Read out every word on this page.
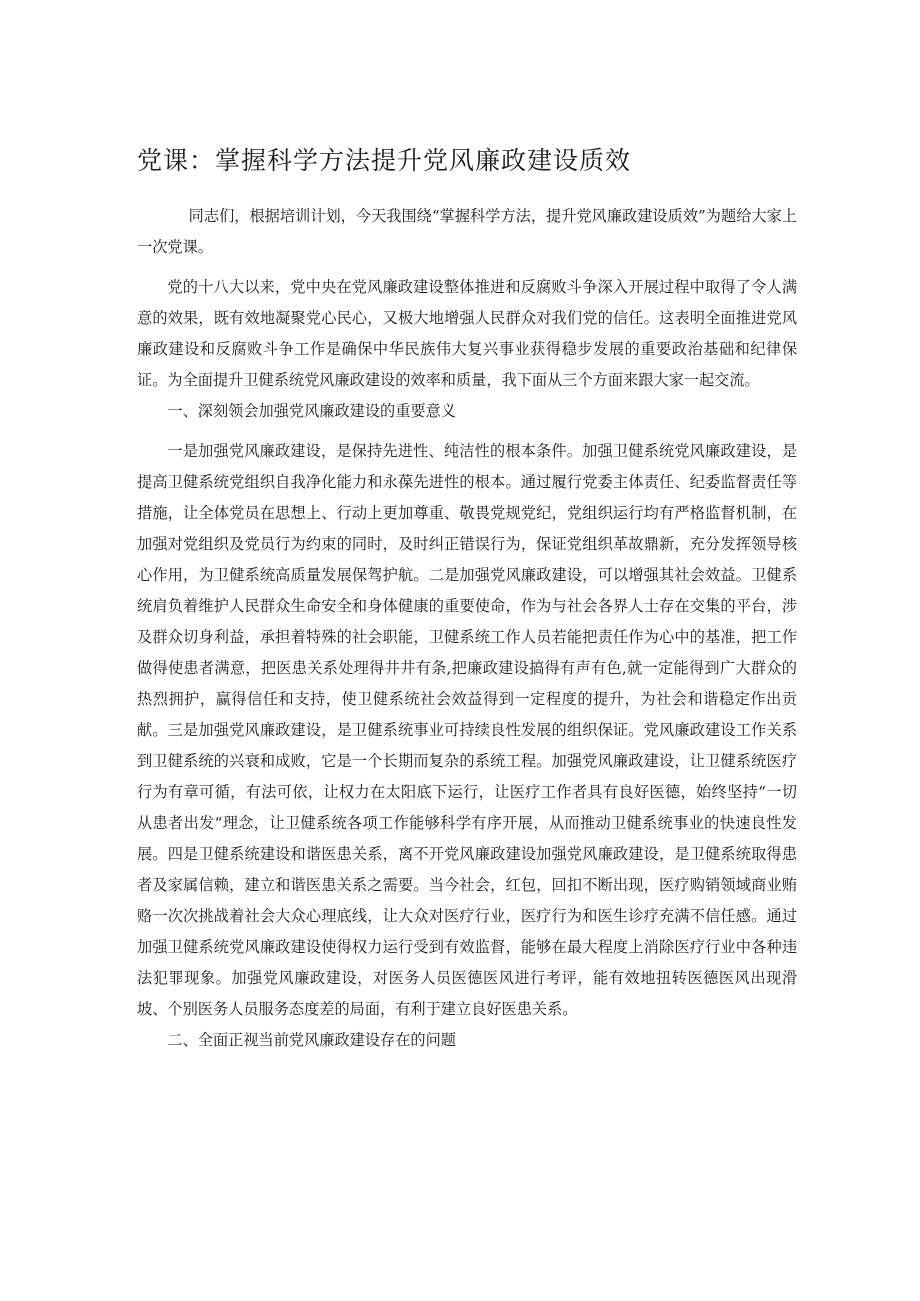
党课：掌握科学方法提升党风廉政建设质效

同志们，根据培训计划，今天我围绕“掌握科学方法，提升党风廉政建设质效”为题给大家上一次党课。

党的十八大以来，党中央在党风廉政建设整体推进和反腐败斗争深入开展过程中取得了令人满意的效果，既有效地凝聚党心民心，又极大地增强人民群众对我们党的信任。这表明全面推进党风廉政建设和反腐败斗争工作是确保中华民族伟大复兴事业获得稳步发展的重要政治基础和纪律保证。为全面提升卫健系统党风廉政建设的效率和质量，我下面从三个方面来跟大家一起交流。

一、深刻领会加强党风廉政建设的重要意义

一是加强党风廉政建设，是保持先进性、纯洁性的根本条件。加强卫健系统党风廉政建设，是提高卫健系统党组织自我净化能力和永葆先进性的根本。通过履行党委主体责任、纪委监督责任等措施，让全体党员在思想上、行动上更加尊重、敬畏党规党纪，党组织运行均有严格监督机制，在加强对党组织及党员行为约束的同时，及时纠正错误行为，保证党组织革故鼎新，充分发挥领导核心作用，为卫健系统高质量发展保驾护航。二是加强党风廉政建设，可以增强其社会效益。卫健系统肩负着维护人民群众生命安全和身体健康的重要使命，作为与社会各界人士存在交集的平台，涉及群众切身利益，承担着特殊的社会职能，卫健系统工作人员若能把责任作为心中的基准，把工作做得使患者满意，把医患关系处理得井井有条,把廉政建设搞得有声有色,就一定能得到广大群众的热烈拥护，赢得信任和支持，使卫健系统社会效益得到一定程度的提升，为社会和谐稳定作出贡献。三是加强党风廉政建设，是卫健系统事业可持续良性发展的组织保证。党风廉政建设工作关系到卫健系统的兴衰和成败，它是一个长期而复杂的系统工程。加强党风廉政建设，让卫健系统医疗行为有章可循，有法可依，让权力在太阳底下运行，让医疗工作者具有良好医德，始终坚持“一切从患者出发“理念，让卫健系统各项工作能够科学有序开展，从而推动卫健系统事业的快速良性发展。四是卫健系统建设和谐医患关系，离不开党风廉政建设加强党风廉政建设，是卫健系统取得患者及家属信赖，建立和谐医患关系之需要。当今社会，红包，回扣不断出现，医疗购销领域商业贿赂一次次挑战着社会大众心理底线，让大众对医疗行业，医疗行为和医生诊疗充满不信任感。通过加强卫健系统党风廉政建设使得权力运行受到有效监督，能够在最大程度上消除医疗行业中各种违法犯罪现象。加强党风廉政建设，对医务人员医德医风进行考评，能有效地扭转医德医风出现滑坡、个别医务人员服务态度差的局面，有利于建立良好医患关系。

二、全面正视当前党风廉政建设存在的问题
